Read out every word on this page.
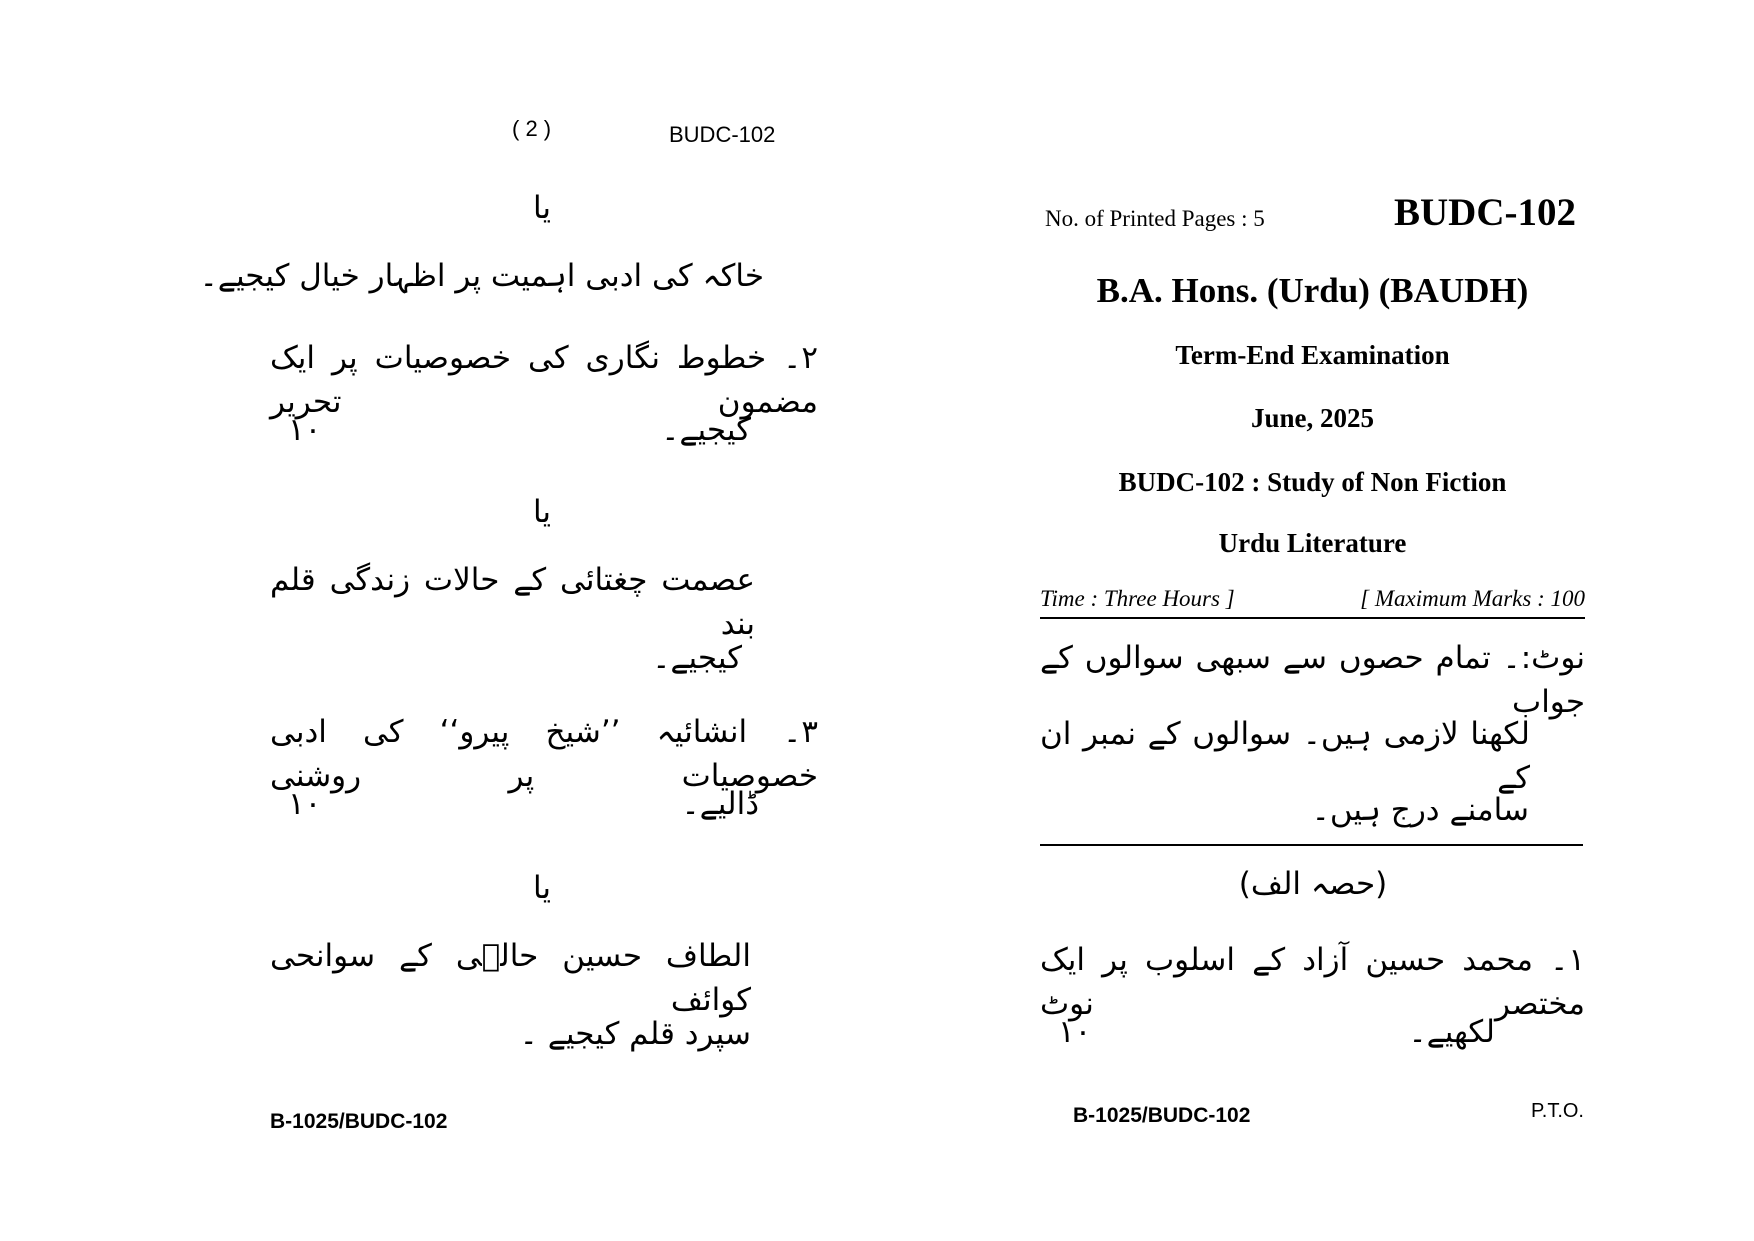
( 2 )	BUDC-102
یا
خاکہ کی ادبی اہمیت پر اظہار خیال کیجیے۔
۲۔ خطوط نگاری کی خصوصیات پر ایک مضمون تحریر
کیجیے۔
۱۰
یا
عصمت چغتائی کے حالات زندگی قلم بند
کیجیے۔
۳۔ انشائیہ ’’شیخ پیرو‘‘ کی ادبی خصوصیات پر روشنی
ڈالیے۔
۱۰
یا
الطاف حسین حالؔی کے سوانحی کوائف
سپرد قلم کیجیے ۔
B-1025/BUDC-102
No. of Printed Pages : 5	BUDC-102
B.A. Hons. (Urdu) (BAUDH)
Term-End Examination
June, 2025
BUDC-102 : Study of Non Fiction
Urdu Literature
Time : Three Hours ]	[ Maximum Marks : 100
نوٹ:۔ تمام حصوں سے سبھی سوالوں کے جواب
لکھنا لازمی ہیں۔ سوالوں کے نمبر ان کے
سامنے درج ہیں۔
(حصہ الف)
۱۔ محمد حسین آزاد کے اسلوب پر ایک مختصر نوٹ
لکھیے۔
۱۰
B-1025/BUDC-102	P.T.O.
